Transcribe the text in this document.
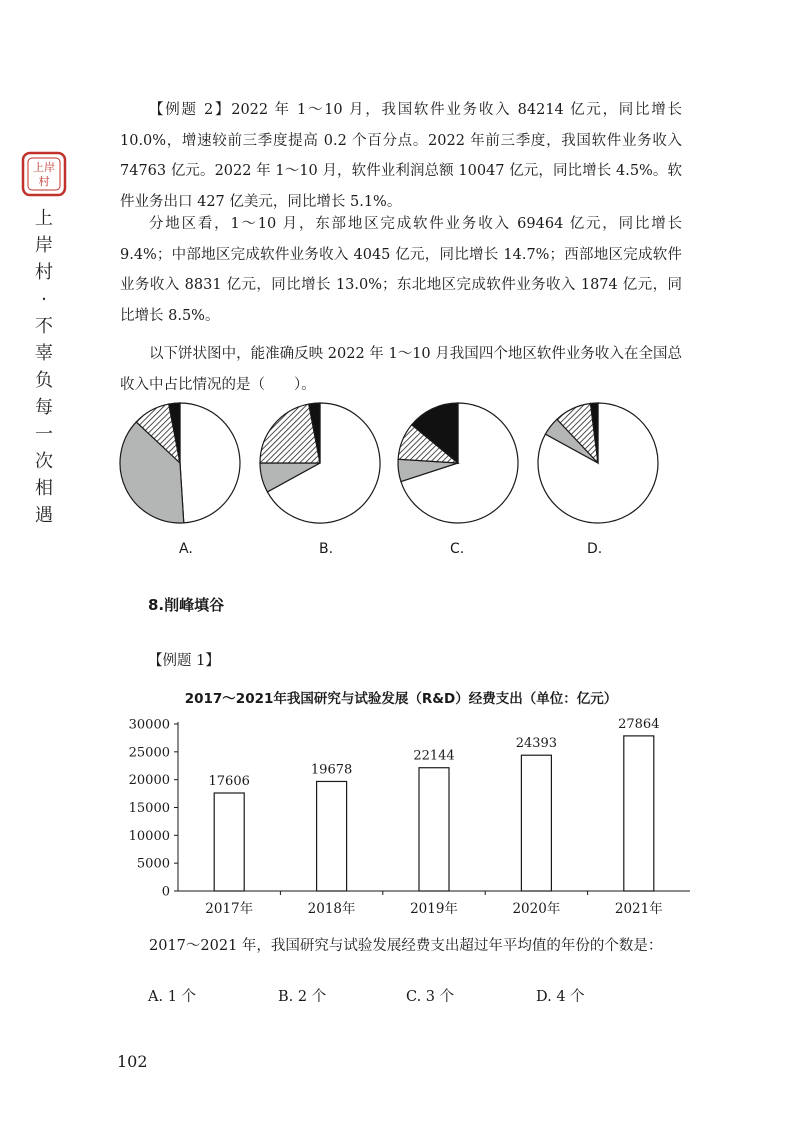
上岸
村
上
岸
村
·
不
辜
负
每
一
次
相
遇
【例题 2】2022 年 1～10 月，我国软件业务收入 84214 亿元，同比增长 10.0%，增速较前三季度提高 0.2 个百分点。2022 年前三季度，我国软件业务收入 74763 亿元。2022 年 1～10 月，软件业利润总额 10047 亿元，同比增长 4.5%。软件业务出口 427 亿美元，同比增长 5.1%。
分地区看，1～10 月，东部地区完成软件业务收入 69464 亿元，同比增长 9.4%；中部地区完成软件业务收入 4045 亿元，同比增长 14.7%；西部地区完成软件业务收入 8831 亿元，同比增长 13.0%；东北地区完成软件业务收入 1874 亿元，同比增长 8.5%。
以下饼状图中，能准确反映 2022 年 1～10 月我国四个地区软件业务收入在全国总收入中占比情况的是（　　）。
A.	B.	C.	D.
8.削峰填谷
【例题 1】
2017～2021年我国研究与试验发展（R&D）经费支出（单位：亿元）
0
5000
10000
15000
20000
25000
30000
17606
2017年
19678
2018年
22144
2019年
24393
2020年
27864
2021年
2017～2021 年，我国研究与试验发展经费支出超过年平均值的年份的个数是：
A. 1 个	B. 2 个	C. 3 个	D. 4 个
102
